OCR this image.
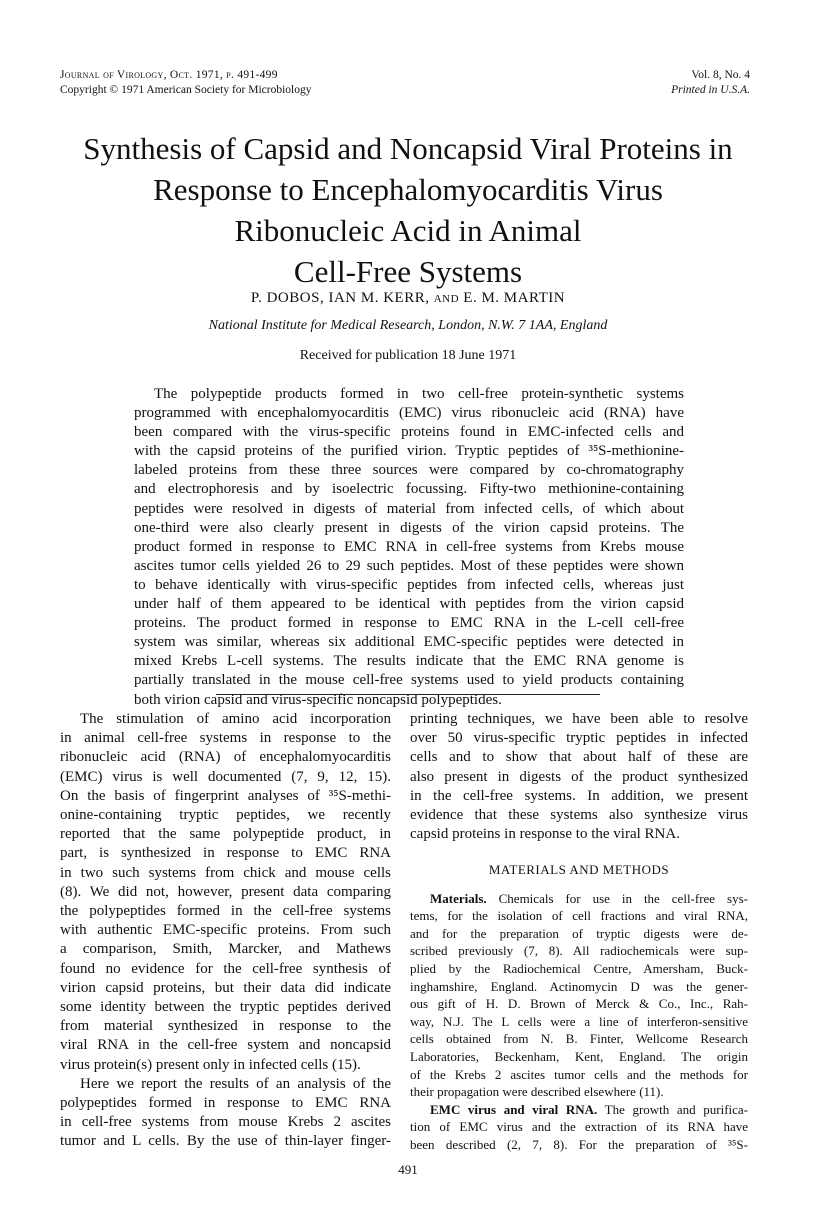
Journal of Virology, Oct. 1971, p. 491-499
Copyright © 1971 American Society for Microbiology
Vol. 8, No. 4
Printed in U.S.A.
Synthesis of Capsid and Noncapsid Viral Proteins in
Response to Encephalomyocarditis Virus
Ribonucleic Acid in Animal
Cell-Free Systems
P. DOBOS, IAN M. KERR, AND E. M. MARTIN
National Institute for Medical Research, London, N.W. 7 1AA, England
Received for publication 18 June 1971
The polypeptide products formed in two cell-free protein-synthetic systems
programmed with encephalomyocarditis (EMC) virus ribonucleic acid (RNA) have
been compared with the virus-specific proteins found in EMC-infected cells and
with the capsid proteins of the purified virion. Tryptic peptides of ³⁵S-methionine-
labeled proteins from these three sources were compared by co-chromatography
and electrophoresis and by isoelectric focussing. Fifty-two methionine-containing
peptides were resolved in digests of material from infected cells, of which about
one-third were also clearly present in digests of the virion capsid proteins. The
product formed in response to EMC RNA in cell-free systems from Krebs mouse
ascites tumor cells yielded 26 to 29 such peptides. Most of these peptides were shown
to behave identically with virus-specific peptides from infected cells, whereas just
under half of them appeared to be identical with peptides from the virion capsid
proteins. The product formed in response to EMC RNA in the L-cell cell-free
system was similar, whereas six additional EMC-specific peptides were detected in
mixed Krebs L-cell systems. The results indicate that the EMC RNA genome is
partially translated in the mouse cell-free systems used to yield products containing
both virion capsid and virus-specific noncapsid polypeptides.
The stimulation of amino acid incorporation
in animal cell-free systems in response to the
ribonucleic acid (RNA) of encephalomyocarditis
(EMC) virus is well documented (7, 9, 12, 15).
On the basis of fingerprint analyses of ³⁵S-methi-
onine-containing tryptic peptides, we recently
reported that the same polypeptide product, in
part, is synthesized in response to EMC RNA
in two such systems from chick and mouse cells
(8). We did not, however, present data comparing
the polypeptides formed in the cell-free systems
with authentic EMC-specific proteins. From such
a comparison, Smith, Marcker, and Mathews
found no evidence for the cell-free synthesis of
virion capsid proteins, but their data did indicate
some identity between the tryptic peptides derived
from material synthesized in response to the
viral RNA in the cell-free system and noncapsid
virus protein(s) present only in infected cells (15).
Here we report the results of an analysis of the
polypeptides formed in response to EMC RNA
in cell-free systems from mouse Krebs 2 ascites
tumor and L cells. By the use of thin-layer finger-
printing techniques, we have been able to resolve
over 50 virus-specific tryptic peptides in infected
cells and to show that about half of these are
also present in digests of the product synthesized
in the cell-free systems. In addition, we present
evidence that these systems also synthesize virus
capsid proteins in response to the viral RNA.
MATERIALS AND METHODS
Materials. Chemicals for use in the cell-free sys-
tems, for the isolation of cell fractions and viral RNA,
and for the preparation of tryptic digests were de-
scribed previously (7, 8). All radiochemicals were sup-
plied by the Radiochemical Centre, Amersham, Buck-
inghamshire, England. Actinomycin D was the gener-
ous gift of H. D. Brown of Merck & Co., Inc., Rah-
way, N.J. The L cells were a line of interferon-sensitive
cells obtained from N. B. Finter, Wellcome Research
Laboratories, Beckenham, Kent, England. The origin
of the Krebs 2 ascites tumor cells and the methods for
their propagation were described elsewhere (11).
EMC virus and viral RNA. The growth and purifica-
tion of EMC virus and the extraction of its RNA have
been described (2, 7, 8). For the preparation of ³⁵S-
491
